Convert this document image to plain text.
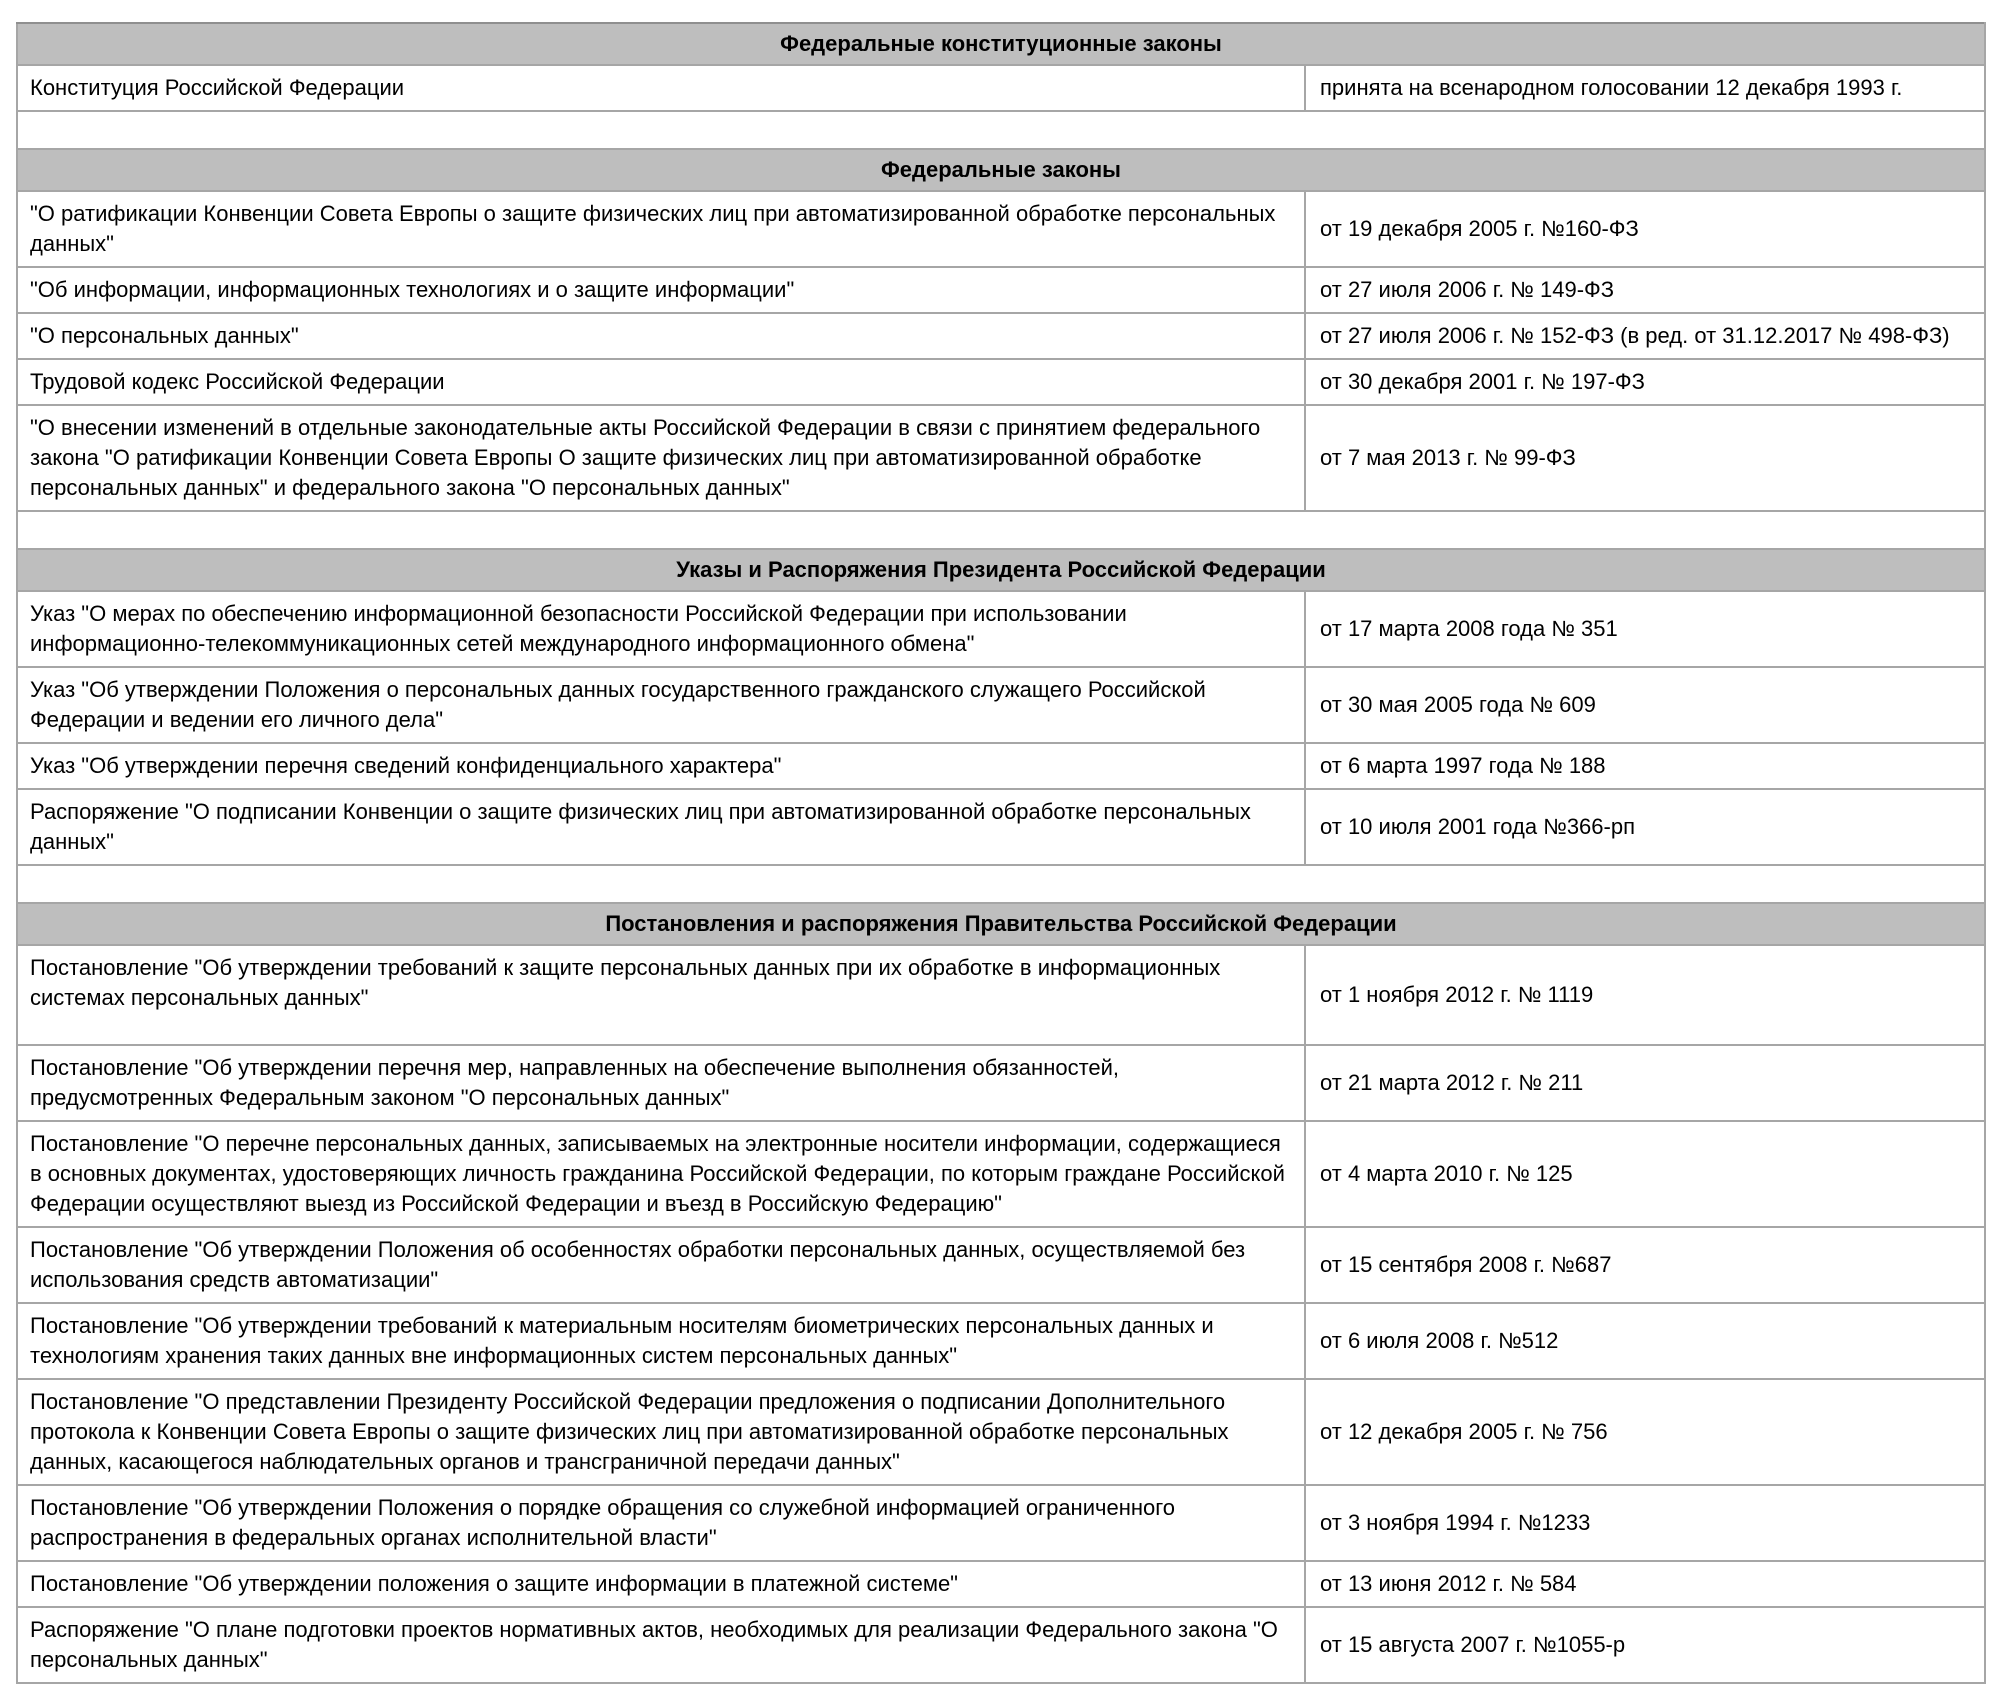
Федеральные конституционные законы	
Конституция Российской Федерации	принята на всенародном голосовании 12 декабря 1993 г.

Федеральные законы	
"О ратификации Конвенции Совета Европы о защите физических лиц при автоматизированной обработке персональных данных"	от 19 декабря 2005 г. №160-ФЗ
"Об информации, информационных технологиях и о защите информации"	от 27 июля 2006 г. № 149-ФЗ
"О персональных данных"	от 27 июля 2006 г. № 152-ФЗ (в ред. от 31.12.2017 № 498-ФЗ)
Трудовой кодекс Российской Федерации	от 30 декабря 2001 г. № 197-ФЗ
"О внесении изменений в отдельные законодательные акты Российской Федерации в связи с принятием федерального закона "О ратификации Конвенции Совета Европы О защите физических лиц при автоматизированной обработке персональных данных" и федерального закона "О персональных данных"	от 7 мая 2013 г. № 99-ФЗ

Указы и Распоряжения Президента Российской Федерации	
Указ "О мерах по обеспечению информационной безопасности Российской Федерации при использовании информационно-телекоммуникационных сетей международного информационного обмена"	от 17 марта 2008 года № 351
Указ "Об утверждении Положения о персональных данных государственного гражданского служащего Российской Федерации и ведении его личного дела"	от 30 мая 2005 года № 609
Указ "Об утверждении перечня сведений конфиденциального характера"	от 6 марта 1997 года № 188
Распоряжение "О подписании Конвенции о защите физических лиц при автоматизированной обработке персональных данных"	от 10 июля 2001 года №366-рп

Постановления и распоряжения Правительства Российской Федерации	
Постановление "Об утверждении требований к защите персональных данных при их обработке в информационных системах персональных данных"	от 1 ноября 2012 г. № 1119
Постановление "Об утверждении перечня мер, направленных на обеспечение выполнения обязанностей, предусмотренных Федеральным законом "О персональных данных"	от 21 марта 2012 г. № 211
Постановление "О перечне персональных данных, записываемых на электронные носители информации, содержащиеся в основных документах, удостоверяющих личность гражданина Российской Федерации, по которым граждане Российской Федерации осуществляют выезд из Российской Федерации и въезд в Российскую Федерацию"	от 4 марта 2010 г. № 125
Постановление "Об утверждении Положения об особенностях обработки персональных данных, осуществляемой без использования средств автоматизации"	от 15 сентября 2008 г. №687
Постановление "Об утверждении требований к материальным носителям биометрических персональных данных и технологиям хранения таких данных вне информационных систем персональных данных"	от 6 июля 2008 г. №512
Постановление "О представлении Президенту Российской Федерации предложения о подписании Дополнительного протокола к Конвенции Совета Европы о защите физических лиц при автоматизированной обработке персональных данных, касающегося наблюдательных органов и трансграничной передачи данных"	от 12 декабря 2005 г. № 756
Постановление "Об утверждении Положения о порядке обращения со служебной информацией ограниченного распространения в федеральных органах исполнительной власти"	от 3 ноября 1994 г. №1233
Постановление "Об утверждении положения о защите информации в платежной системе"	от 13 июня 2012 г. № 584
Распоряжение "О плане подготовки проектов нормативных актов, необходимых для реализации Федерального закона "О персональных данных"	от 15 августа 2007 г. №1055-р
